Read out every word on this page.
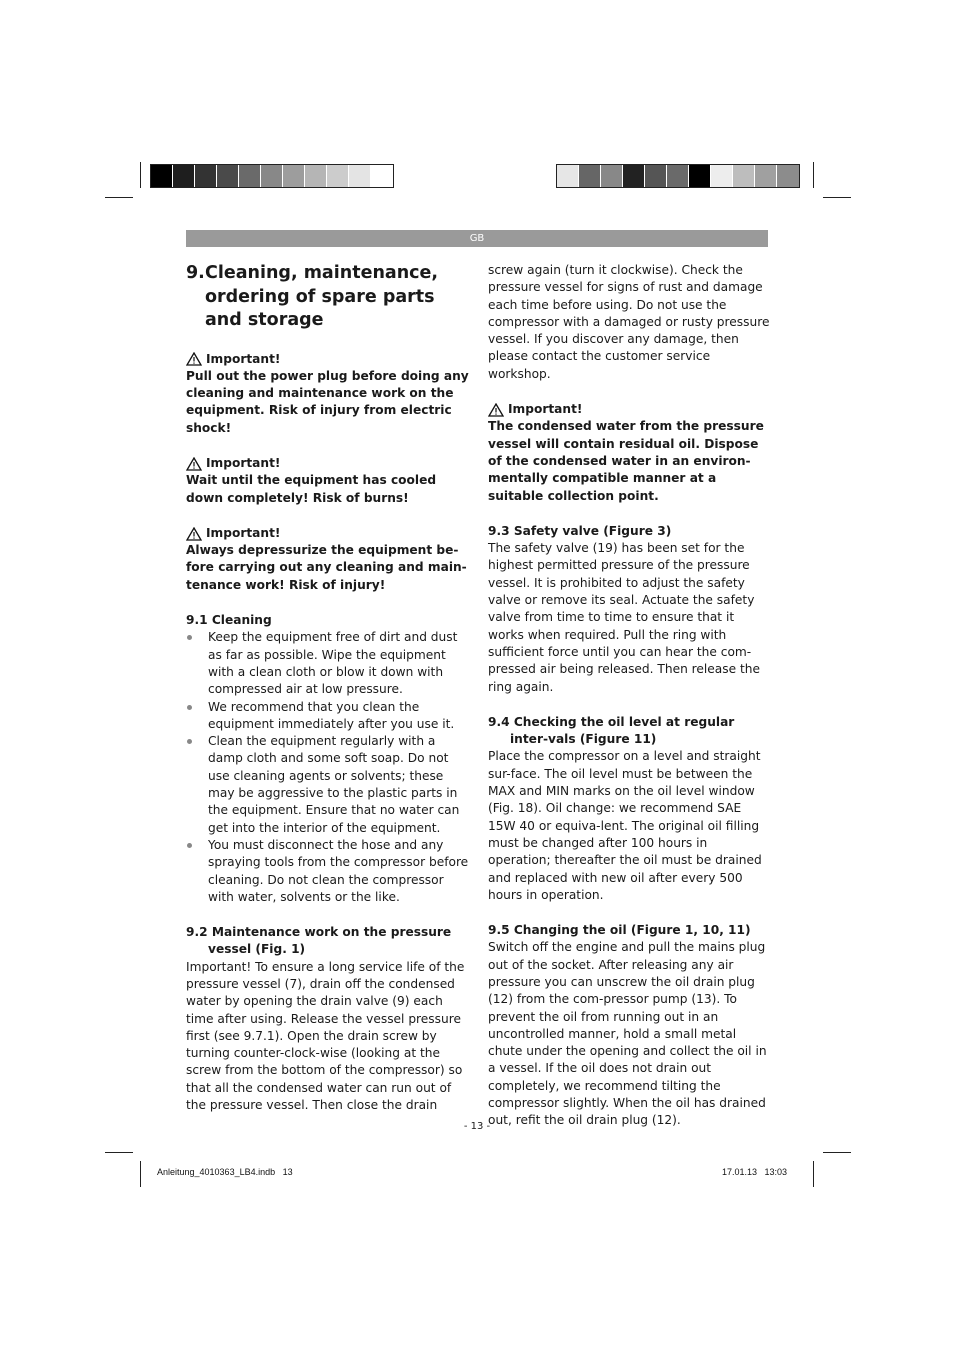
GB
9. Cleaning, maintenance, ordering of spare parts and storage

Important!

Pull out the power plug before doing any cleaning and maintenance work on the equipment. Risk of injury from electric shock!

Important!

Wait until the equipment has cooled down completely! Risk of burns!

Important!

Always depressurize the equipment be-fore carrying out any cleaning and main-tenance work! Risk of injury!

9.1 Cleaning

Keep the equipment free of dirt and dust as far as possible. Wipe the equipment with a clean cloth or blow it down with compressed air at low pressure.
We recommend that you clean the equipment immediately after you use it.
Clean the equipment regularly with a damp cloth and some soft soap. Do not use cleaning agents or solvents; these may be aggressive to the plastic parts in the equipment. Ensure that no water can get into the interior of the equipment.
You must disconnect the hose and any spraying tools from the compressor before cleaning. Do not clean the compressor with water, solvents or the like.

9.2 Maintenance work on the pressure vessel (Fig. 1)

Important! To ensure a long service life of the pressure vessel (7), drain off the condensed water by opening the drain valve (9) each time after using. Release the vessel pressure first (see 9.7.1). Open the drain screw by turning counter-clock-wise (looking at the screw from the bottom of the compressor) so that all the condensed water can run out of the pressure vessel. Then close the drain

screw again (turn it clockwise). Check the pressure vessel for signs of rust and damage each time before using. Do not use the compressor with a damaged or rusty pressure vessel. If you discover any damage, then please contact the customer service workshop.

Important!

The condensed water from the pressure vessel will contain residual oil. Dispose of the condensed water in an environ-mentally compatible manner at a suitable collection point.

9.3 Safety valve (Figure 3)

The safety valve (19) has been set for the highest permitted pressure of the pressure vessel. It is prohibited to adjust the safety valve or remove its seal. Actuate the safety valve from time to time to ensure that it works when required. Pull the ring with sufficient force until you can hear the com-pressed air being released. Then release the ring again.

9.4 Checking the oil level at regular inter-vals (Figure 11)

Place the compressor on a level and straight sur-face. The oil level must be between the MAX and MIN marks on the oil level window (Fig. 18). Oil change: we recommend SAE 15W 40 or equiva-lent. The original oil filling must be changed after 100 hours in operation; thereafter the oil must be drained and replaced with new oil after every 500 hours in operation.

9.5 Changing the oil (Figure 1, 10, 11)

Switch off the engine and pull the mains plug out of the socket. After releasing any air pressure you can unscrew the oil drain plug (12) from the com-pressor pump (13). To prevent the oil from running out in an uncontrolled manner, hold a small metal chute under the opening and collect the oil in a vessel. If the oil does not drain out completely, we recommend tilting the compressor slightly. When the oil has drained out, refit the oil drain plug (12).

- 13 -
Anleitung_4010363_LB4.indb   13	17.01.13   13:03
